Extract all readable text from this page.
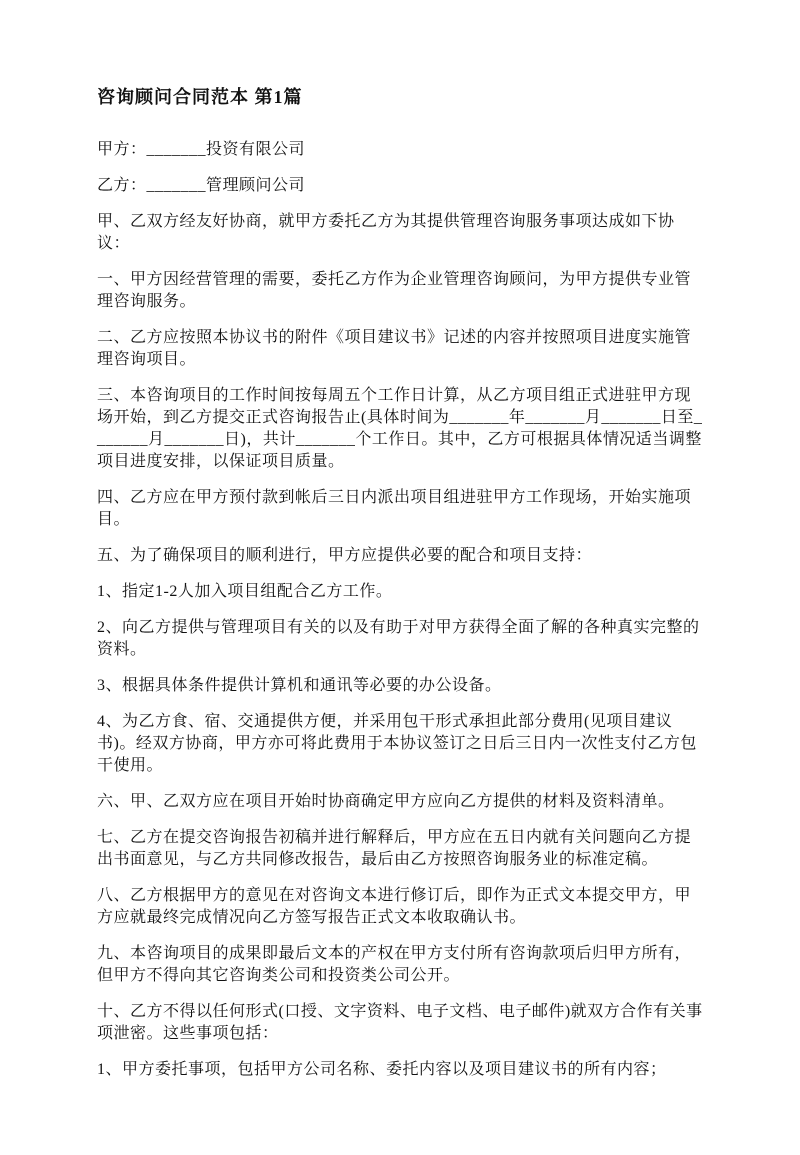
咨询顾问合同范本 第1篇

甲方：_______投资有限公司

乙方：_______管理顾问公司

甲、乙双方经友好协商，就甲方委托乙方为其提供管理咨询服务事项达成如下协议：

一、甲方因经营管理的需要，委托乙方作为企业管理咨询顾问，为甲方提供专业管理咨询服务。

二、乙方应按照本协议书的附件《项目建议书》记述的内容并按照项目进度实施管理咨询项目。

三、本咨询项目的工作时间按每周五个工作日计算，从乙方项目组正式进驻甲方现场开始，到乙方提交正式咨询报告止(具体时间为_______年_______月_______日至_______月_______日)，共计_______个工作日。其中，乙方可根据具体情况适当调整项目进度安排，以保证项目质量。

四、乙方应在甲方预付款到帐后三日内派出项目组进驻甲方工作现场，开始实施项目。

五、为了确保项目的顺利进行，甲方应提供必要的配合和项目支持：

1、指定1-2人加入项目组配合乙方工作。

2、向乙方提供与管理项目有关的以及有助于对甲方获得全面了解的各种真实完整的资料。

3、根据具体条件提供计算机和通讯等必要的办公设备。

4、为乙方食、宿、交通提供方便，并采用包干形式承担此部分费用(见项目建议书)。经双方协商，甲方亦可将此费用于本协议签订之日后三日内一次性支付乙方包干使用。

六、甲、乙双方应在项目开始时协商确定甲方应向乙方提供的材料及资料清单。

七、乙方在提交咨询报告初稿并进行解释后，甲方应在五日内就有关问题向乙方提出书面意见，与乙方共同修改报告，最后由乙方按照咨询服务业的标准定稿。

八、乙方根据甲方的意见在对咨询文本进行修订后，即作为正式文本提交甲方，甲方应就最终完成情况向乙方签写报告正式文本收取确认书。

九、本咨询项目的成果即最后文本的产权在甲方支付所有咨询款项后归甲方所有，但甲方不得向其它咨询类公司和投资类公司公开。

十、乙方不得以任何形式(口授、文字资料、电子文档、电子邮件)就双方合作有关事项泄密。这些事项包括：

1、甲方委托事项，包括甲方公司名称、委托内容以及项目建议书的所有内容；
